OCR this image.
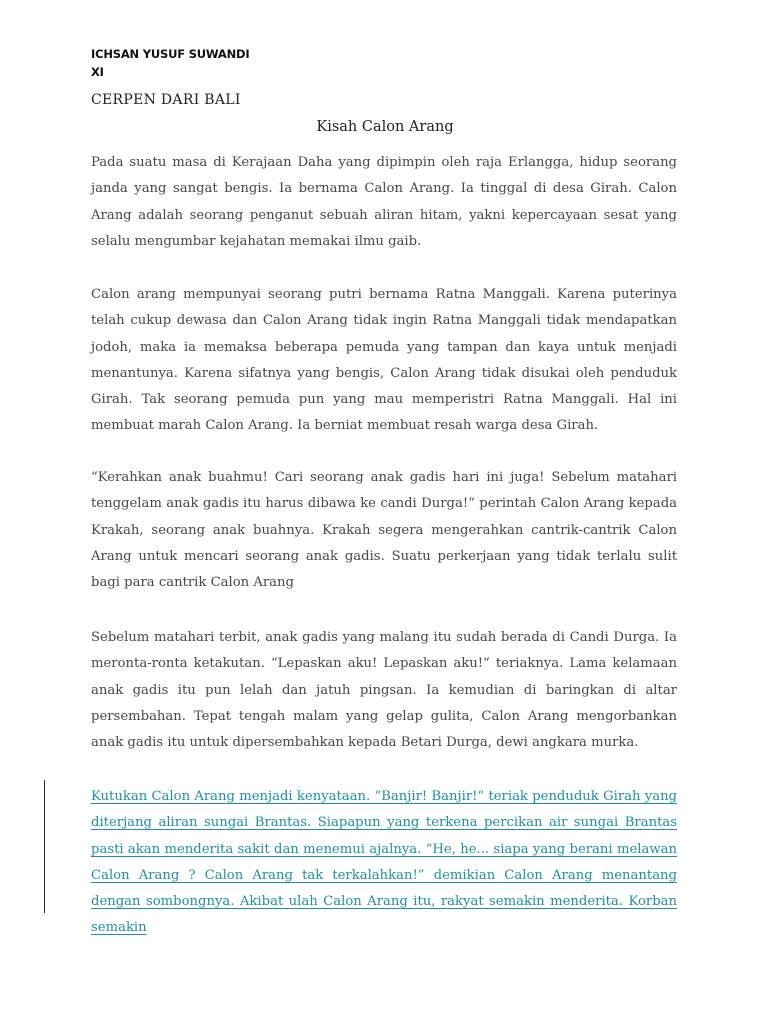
ICHSAN YUSUF SUWANDI
XI
CERPEN DARI BALI
Kisah Calon Arang

Pada suatu masa di Kerajaan Daha yang dipimpin oleh raja Erlangga, hidup seorang janda yang sangat bengis. Ia bernama Calon Arang. Ia tinggal di desa Girah. Calon Arang adalah seorang penganut sebuah aliran hitam, yakni kepercayaan sesat yang selalu mengumbar kejahatan memakai ilmu gaib.

Calon arang mempunyai seorang putri bernama Ratna Manggali. Karena puterinya telah cukup dewasa dan Calon Arang tidak ingin Ratna Manggali tidak mendapatkan jodoh, maka ia memaksa beberapa pemuda yang tampan dan kaya untuk menjadi menantunya. Karena sifatnya yang bengis, Calon Arang tidak disukai oleh penduduk Girah. Tak seorang pemuda pun yang mau memperistri Ratna Manggali. Hal ini membuat marah Calon Arang. Ia berniat membuat resah warga desa Girah.

“Kerahkan anak buahmu! Cari seorang anak gadis hari ini juga! Sebelum matahari tenggelam anak gadis itu harus dibawa ke candi Durga!“ perintah Calon Arang kepada Krakah, seorang anak buahnya. Krakah segera mengerahkan cantrik-cantrik Calon Arang untuk mencari seorang anak gadis. Suatu perkerjaan yang tidak terlalu sulit bagi para cantrik Calon Arang

Sebelum matahari terbit, anak gadis yang malang itu sudah berada di Candi Durga. Ia meronta-ronta ketakutan. “Lepaskan aku! Lepaskan aku!“ teriaknya. Lama kelamaan anak gadis itu pun lelah dan jatuh pingsan. Ia kemudian di baringkan di altar persembahan. Tepat tengah malam yang gelap gulita, Calon Arang mengorbankan anak gadis itu untuk dipersembahkan kepada Betari Durga, dewi angkara murka.

Kutukan Calon Arang menjadi kenyataan. “Banjir! Banjir!“ teriak penduduk Girah yang diterjang aliran sungai Brantas. Siapapun yang terkena percikan air sungai Brantas pasti akan menderita sakit dan menemui ajalnya. “He, he... siapa yang berani melawan Calon Arang ? Calon Arang tak terkalahkan!” demikian Calon Arang menantang dengan sombongnya. Akibat ulah Calon Arang itu, rakyat semakin menderita. Korban semakin
